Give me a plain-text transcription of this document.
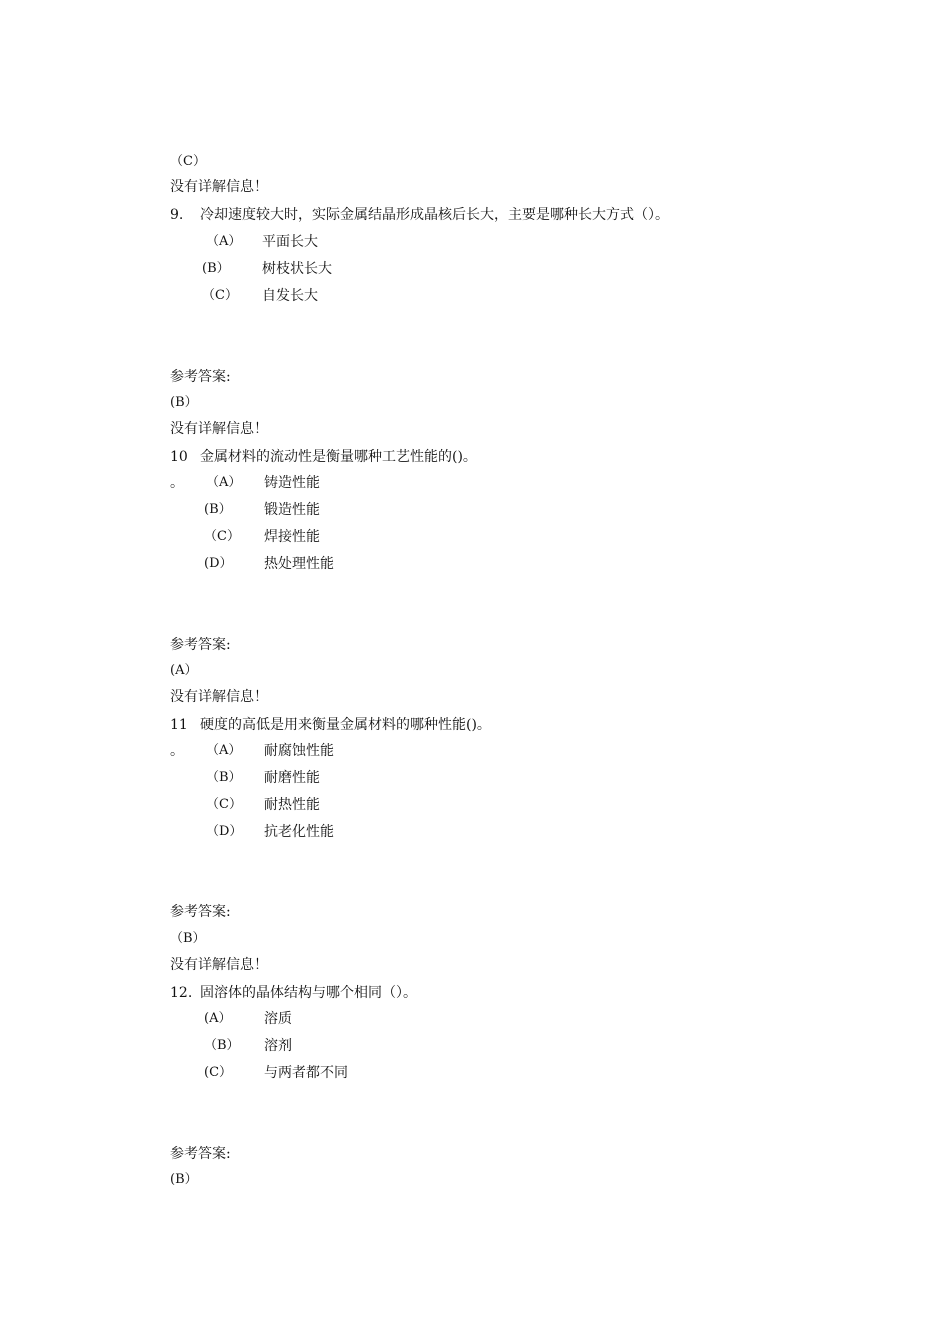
（C）
没有详解信息！
9. 冷却速度较大时，实际金属结晶形成晶核后长大，主要是哪种长大方式（）。
（A） 平面长大
(B） 树枝状长大
（C） 自发长大
参考答案:
(B）
没有详解信息！
10 金属材料的流动性是衡量哪种工艺性能的()。
。 （A） 铸造性能
(B） 锻造性能
（C） 焊接性能
(D） 热处理性能
参考答案:
(A）
没有详解信息！
11 硬度的高低是用来衡量金属材料的哪种性能()。
。 （A） 耐腐蚀性能
（B） 耐磨性能
（C） 耐热性能
（D） 抗老化性能
参考答案:
（B）
没有详解信息！
12. 固溶体的晶体结构与哪个相同（）。
(A） 溶质
（B） 溶剂
(C） 与两者都不同
参考答案:
(B）
